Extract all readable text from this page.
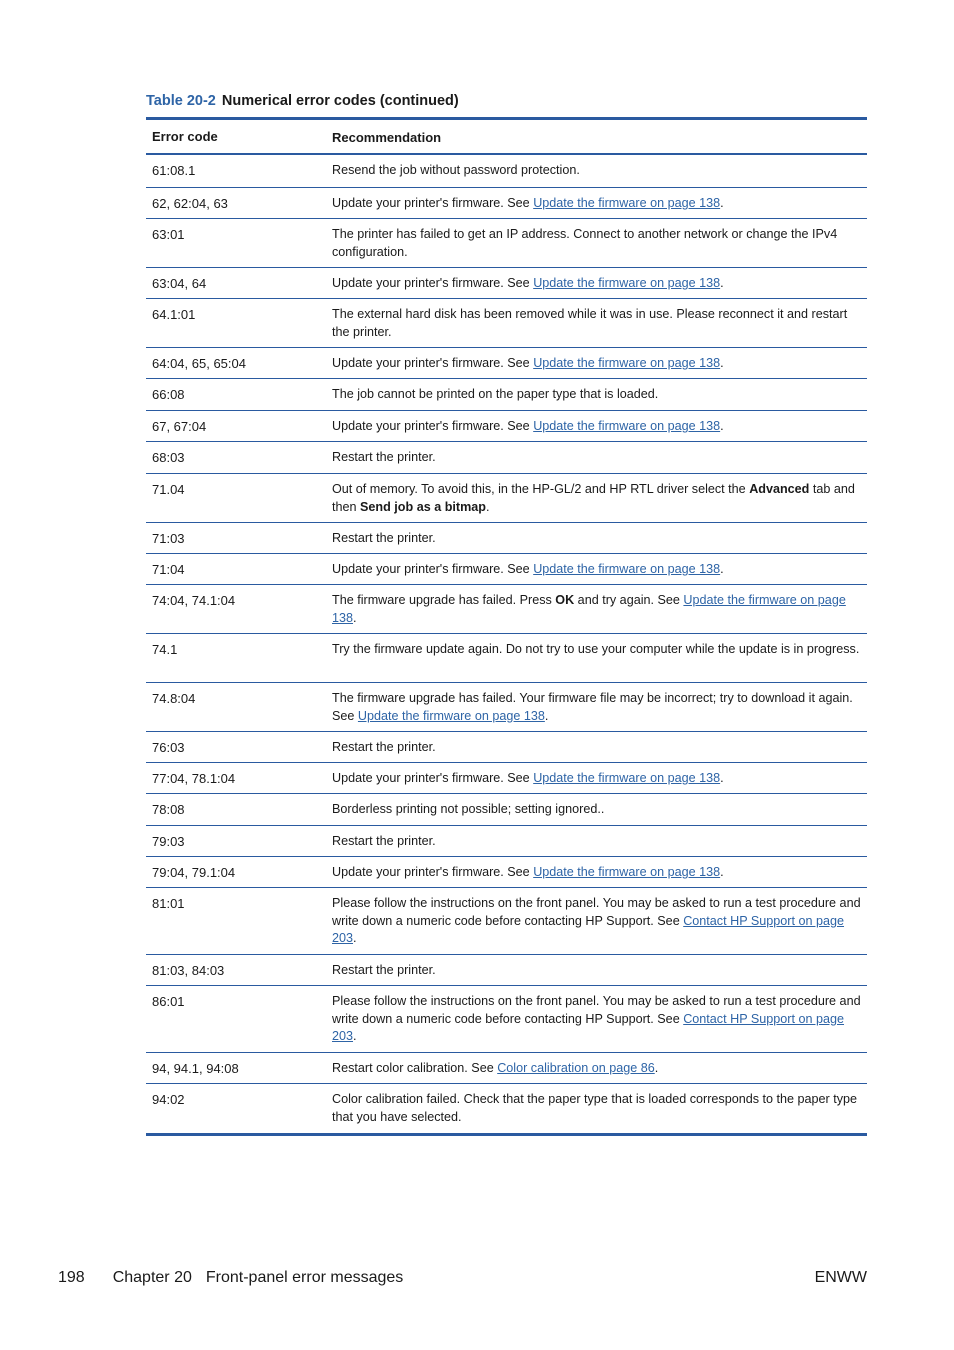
Table 20-2 Numerical error codes (continued)
Error code	Recommendation
61:08.1	Resend the job without password protection.
62, 62:04, 63	Update your printer's firmware. See Update the firmware on page 138.
63:01	The printer has failed to get an IP address. Connect to another network or change the IPv4 configuration.
63:04, 64	Update your printer's firmware. See Update the firmware on page 138.
64.1:01	The external hard disk has been removed while it was in use. Please reconnect it and restart the printer.
64:04, 65, 65:04	Update your printer's firmware. See Update the firmware on page 138.
66:08	The job cannot be printed on the paper type that is loaded.
67, 67:04	Update your printer's firmware. See Update the firmware on page 138.
68:03	Restart the printer.
71.04	Out of memory. To avoid this, in the HP-GL/2 and HP RTL driver select the Advanced tab and then Send job as a bitmap.
71:03	Restart the printer.
71:04	Update your printer's firmware. See Update the firmware on page 138.
74:04, 74.1:04	The firmware upgrade has failed. Press OK and try again. See Update the firmware on page 138.
74.1	Try the firmware update again. Do not try to use your computer while the update is in progress.
74.8:04	The firmware upgrade has failed. Your firmware file may be incorrect; try to download it again. See Update the firmware on page 138.
76:03	Restart the printer.
77:04, 78.1:04	Update your printer's firmware. See Update the firmware on page 138.
78:08	Borderless printing not possible; setting ignored..
79:03	Restart the printer.
79:04, 79.1:04	Update your printer's firmware. See Update the firmware on page 138.
81:01	Please follow the instructions on the front panel. You may be asked to run a test procedure and write down a numeric code before contacting HP Support. See Contact HP Support on page 203.
81:03, 84:03	Restart the printer.
86:01	Please follow the instructions on the front panel. You may be asked to run a test procedure and write down a numeric code before contacting HP Support. See Contact HP Support on page 203.
94, 94.1, 94:08	Restart color calibration. See Color calibration on page 86.
94:02	Color calibration failed. Check that the paper type that is loaded corresponds to the paper type that you have selected.
198 Chapter 20 Front-panel error messages	ENWW
